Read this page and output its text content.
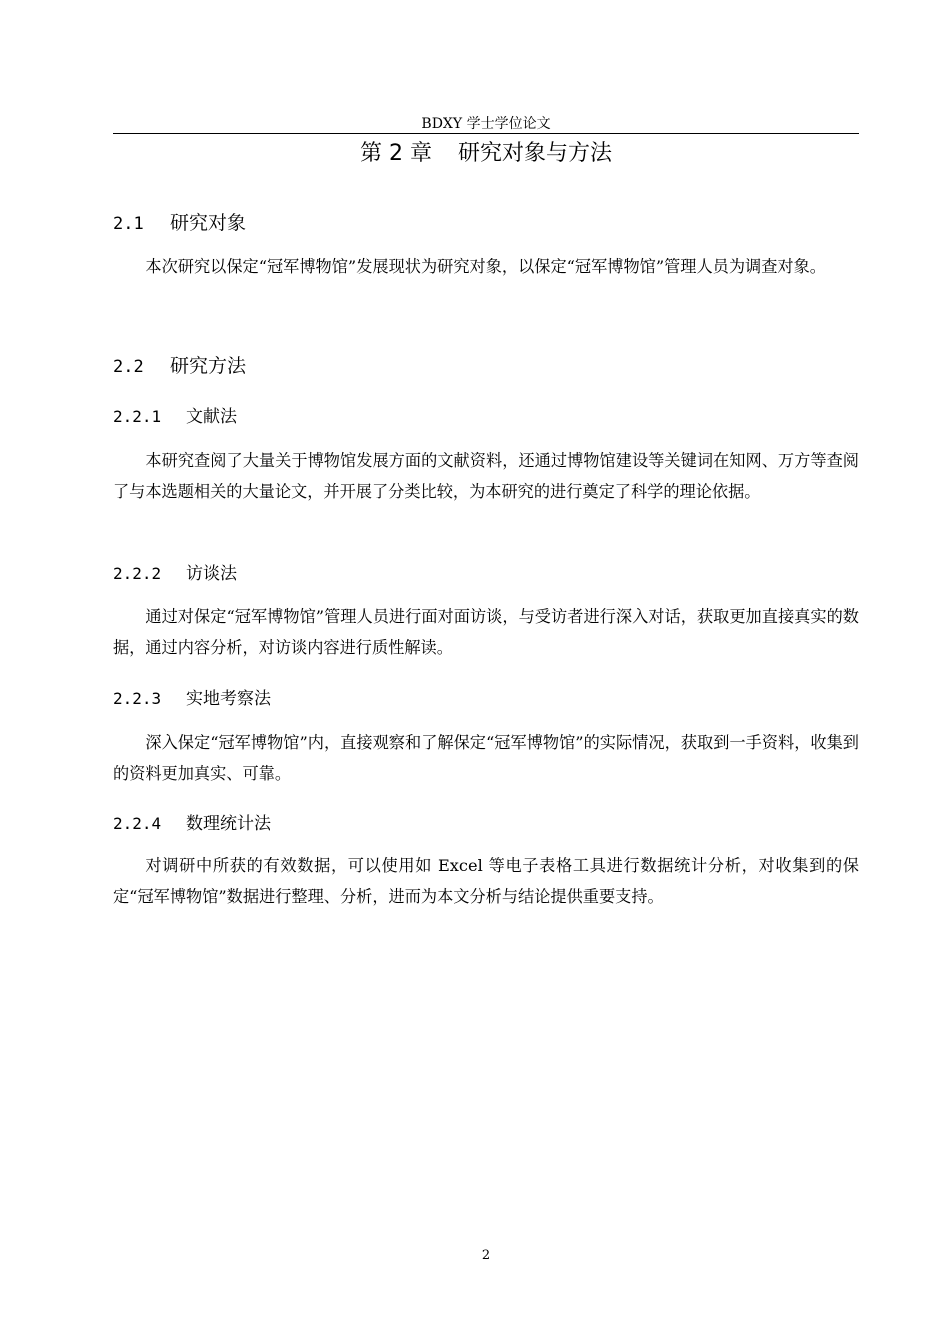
BDXY 学士学位论文
第 2 章 研究对象与方法
2.1 研究对象

本次研究以保定“冠军博物馆”发展现状为研究对象，以保定“冠军博物馆”管理人员为调查对象。

2.2 研究方法
2.2.1 文献法

本研究查阅了大量关于博物馆发展方面的文献资料，还通过博物馆建设等关键词在知网、万方等查阅了与本选题相关的大量论文，并开展了分类比较，为本研究的进行奠定了科学的理论依据。

2.2.2 访谈法

通过对保定“冠军博物馆”管理人员进行面对面访谈，与受访者进行深入对话，获取更加直接真实的数据，通过内容分析，对访谈内容进行质性解读。

2.2.3 实地考察法

深入保定“冠军博物馆”内，直接观察和了解保定“冠军博物馆”的实际情况，获取到一手资料，收集到的资料更加真实、可靠。

2.2.4 数理统计法

对调研中所获的有效数据，可以使用如 Excel 等电子表格工具进行数据统计分析，对收集到的保定“冠军博物馆”数据进行整理、分析，进而为本文分析与结论提供重要支持。

2
